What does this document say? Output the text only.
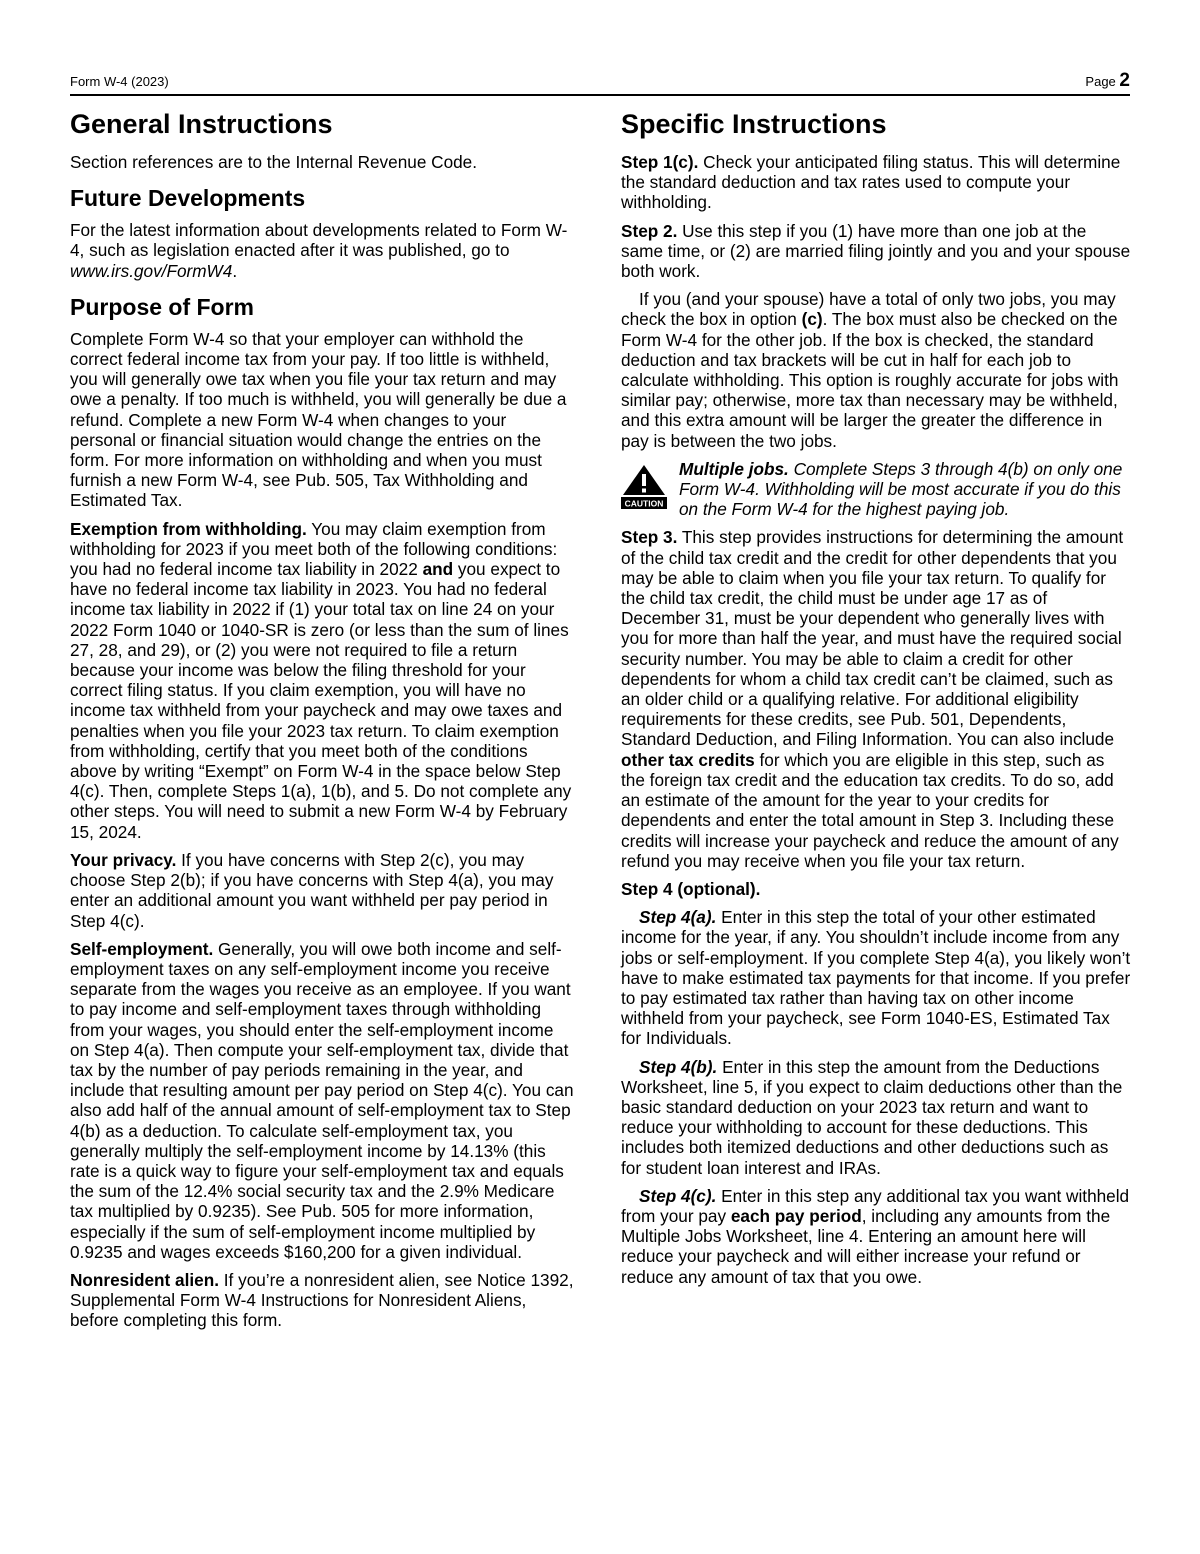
Form W-4 (2023)	Page 2
General Instructions

Section references are to the Internal Revenue Code.

Future Developments

For the latest information about developments related to Form W-4, such as legislation enacted after it was published, go to www.irs.gov/FormW4.

Purpose of Form

Complete Form W-4 so that your employer can withhold the correct federal income tax from your pay. If too little is withheld, you will generally owe tax when you file your tax return and may owe a penalty. If too much is withheld, you will generally be due a refund. Complete a new Form W-4 when changes to your personal or financial situation would change the entries on the form. For more information on withholding and when you must furnish a new Form W-4, see Pub. 505, Tax Withholding and Estimated Tax.

Exemption from withholding. You may claim exemption from withholding for 2023 if you meet both of the following conditions: you had no federal income tax liability in 2022 and you expect to have no federal income tax liability in 2023. You had no federal income tax liability in 2022 if (1) your total tax on line 24 on your 2022 Form 1040 or 1040-SR is zero (or less than the sum of lines 27, 28, and 29), or (2) you were not required to file a return because your income was below the filing threshold for your correct filing status. If you claim exemption, you will have no income tax withheld from your paycheck and may owe taxes and penalties when you file your 2023 tax return. To claim exemption from withholding, certify that you meet both of the conditions above by writing “Exempt” on Form W-4 in the space below Step 4(c). Then, complete Steps 1(a), 1(b), and 5. Do not complete any other steps. You will need to submit a new Form W-4 by February 15, 2024.

Your privacy. If you have concerns with Step 2(c), you may choose Step 2(b); if you have concerns with Step 4(a), you may enter an additional amount you want withheld per pay period in Step 4(c).

Self-employment. Generally, you will owe both income and self-employment taxes on any self-employment income you receive separate from the wages you receive as an employee. If you want to pay income and self-employment taxes through withholding from your wages, you should enter the self-employment income on Step 4(a). Then compute your self-employment tax, divide that tax by the number of pay periods remaining in the year, and include that resulting amount per pay period on Step 4(c). You can also add half of the annual amount of self-employment tax to Step 4(b) as a deduction. To calculate self-employment tax, you generally multiply the self-employment income by 14.13% (this rate is a quick way to figure your self-employment tax and equals the sum of the 12.4% social security tax and the 2.9% Medicare tax multiplied by 0.9235). See Pub. 505 for more information, especially if the sum of self-employment income multiplied by 0.9235 and wages exceeds $160,200 for a given individual.

Nonresident alien. If you’re a nonresident alien, see Notice 1392, Supplemental Form W-4 Instructions for Nonresident Aliens, before completing this form.

Specific Instructions

Step 1(c). Check your anticipated filing status. This will determine the standard deduction and tax rates used to compute your withholding.

Step 2. Use this step if you (1) have more than one job at the same time, or (2) are married filing jointly and you and your spouse both work.

If you (and your spouse) have a total of only two jobs, you may check the box in option (c). The box must also be checked on the Form W-4 for the other job. If the box is checked, the standard deduction and tax brackets will be cut in half for each job to calculate withholding. This option is roughly accurate for jobs with similar pay; otherwise, more tax than necessary may be withheld, and this extra amount will be larger the greater the difference in pay is between the two jobs.

CAUTION
Multiple jobs. Complete Steps 3 through 4(b) on only one Form W-4. Withholding will be most accurate if you do this on the Form W-4 for the highest paying job.

Step 3. This step provides instructions for determining the amount of the child tax credit and the credit for other dependents that you may be able to claim when you file your tax return. To qualify for the child tax credit, the child must be under age 17 as of December 31, must be your dependent who generally lives with you for more than half the year, and must have the required social security number. You may be able to claim a credit for other dependents for whom a child tax credit can’t be claimed, such as an older child or a qualifying relative. For additional eligibility requirements for these credits, see Pub. 501, Dependents, Standard Deduction, and Filing Information. You can also include other tax credits for which you are eligible in this step, such as the foreign tax credit and the education tax credits. To do so, add an estimate of the amount for the year to your credits for dependents and enter the total amount in Step 3. Including these credits will increase your paycheck and reduce the amount of any refund you may receive when you file your tax return.

Step 4 (optional).

Step 4(a). Enter in this step the total of your other estimated income for the year, if any. You shouldn’t include income from any jobs or self-employment. If you complete Step 4(a), you likely won’t have to make estimated tax payments for that income. If you prefer to pay estimated tax rather than having tax on other income withheld from your paycheck, see Form 1040-ES, Estimated Tax for Individuals.

Step 4(b). Enter in this step the amount from the Deductions Worksheet, line 5, if you expect to claim deductions other than the basic standard deduction on your 2023 tax return and want to reduce your withholding to account for these deductions. This includes both itemized deductions and other deductions such as for student loan interest and IRAs.

Step 4(c). Enter in this step any additional tax you want withheld from your pay each pay period, including any amounts from the Multiple Jobs Worksheet, line 4. Entering an amount here will reduce your paycheck and will either increase your refund or reduce any amount of tax that you owe.
